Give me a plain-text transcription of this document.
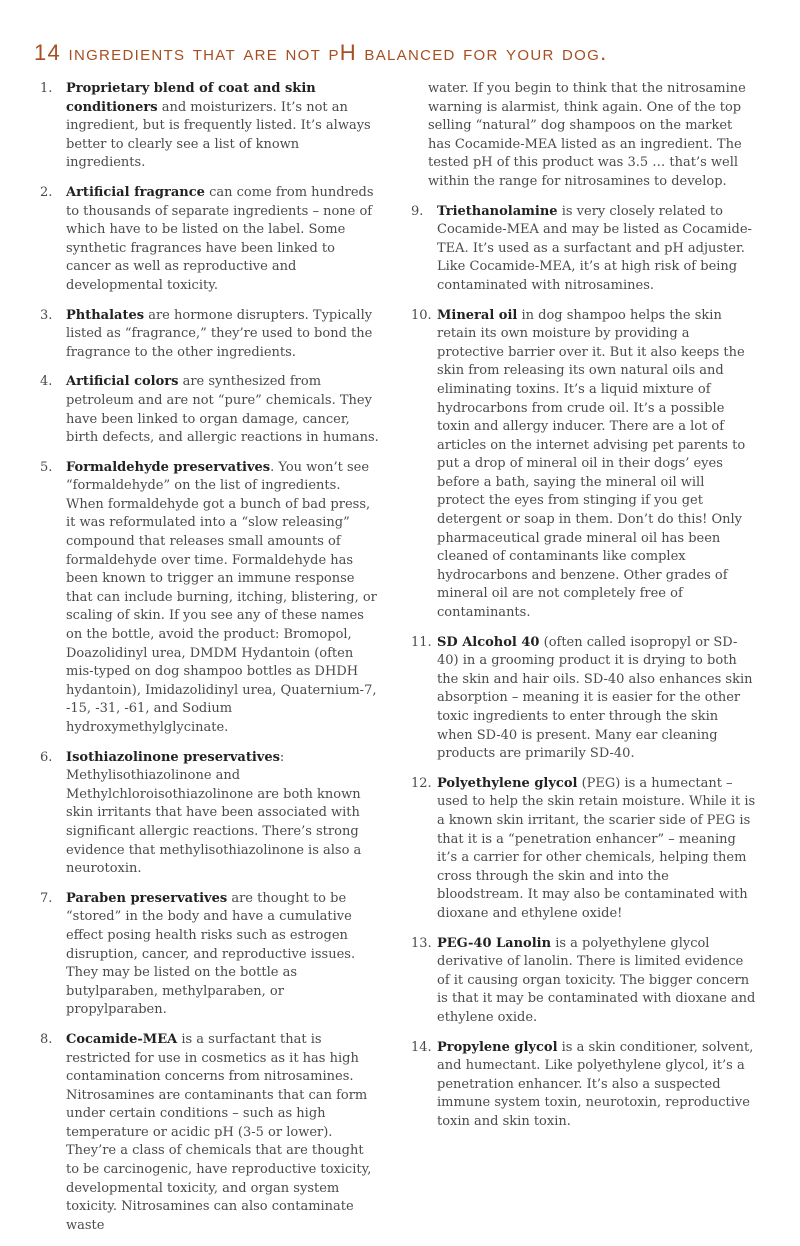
14 ingredients that are not pH balanced for your dog.
1. Proprietary blend of coat and skin conditioners and moisturizers. It’s not an ingredient, but is frequently listed. It’s always better to clearly see a list of known ingredients.
2. Artificial fragrance can come from hundreds to thousands of separate ingredients – none of which have to be listed on the label. Some synthetic fragrances have been linked to cancer as well as reproductive and developmental toxicity.
3. Phthalates are hormone disrupters. Typically listed as “fragrance,” they’re used to bond the fragrance to the other ingredients.
4. Artificial colors are synthesized from petroleum and are not “pure” chemicals. They have been linked to organ damage, cancer, birth defects, and allergic reactions in humans.
5. Formaldehyde preservatives. You won’t see “formaldehyde” on the list of ingredients. When formaldehyde got a bunch of bad press, it was reformulated into a “slow releasing” compound that releases small amounts of formaldehyde over time. Formaldehyde has been known to trigger an immune response that can include burning, itching, blistering, or scaling of skin. If you see any of these names on the bottle, avoid the product: Bromopol, Doazolidinyl urea, DMDM Hydantoin (often mis-typed on dog shampoo bottles as DHDH hydantoin), Imidazolidinyl urea, Quaternium-7, -15, -31, -61, and Sodium hydroxymethylglycinate.
6. Isothiazolinone preservatives: Methylisothiazolinone and Methylchloroisothiazolinone are both known skin irritants that have been associated with significant allergic reactions. There’s strong evidence that methylisothiazolinone is also a neurotoxin.
7. Paraben preservatives are thought to be “stored” in the body and have a cumulative effect posing health risks such as estrogen disruption, cancer, and reproductive issues. They may be listed on the bottle as butylparaben, methylparaben, or propylparaben.
8. Cocamide-MEA is a surfactant that is restricted for use in cosmetics as it has high contamination concerns from nitrosamines. Nitrosamines are contaminants that can form under certain conditions – such as high temperature or acidic pH (3-5 or lower). They’re a class of chemicals that are thought to be carcinogenic, have reproductive toxicity, developmental toxicity, and organ system toxicity. Nitrosamines can also contaminate waste
water. If you begin to think that the nitrosamine warning is alarmist, think again. One of the top selling “natural” dog shampoos on the market has Cocamide-MEA listed as an ingredient. The tested pH of this product was 3.5 … that’s well within the range for nitrosamines to develop.
9. Triethanolamine is very closely related to Cocamide-MEA and may be listed as Cocamide-TEA. It’s used as a surfactant and pH adjuster. Like Cocamide-MEA, it’s at high risk of being contaminated with nitrosamines.
10. Mineral oil in dog shampoo helps the skin retain its own moisture by providing a protective barrier over it. But it also keeps the skin from releasing its own natural oils and eliminating toxins. It’s a liquid mixture of hydrocarbons from crude oil. It’s a possible toxin and allergy inducer. There are a lot of articles on the internet advising pet parents to put a drop of mineral oil in their dogs’ eyes before a bath, saying the mineral oil will protect the eyes from stinging if you get detergent or soap in them. Don’t do this! Only pharmaceutical grade mineral oil has been cleaned of contaminants like complex hydrocarbons and benzene. Other grades of mineral oil are not completely free of contaminants.
11. SD Alcohol 40 (often called isopropyl or SD-40) in a grooming product it is drying to both the skin and hair oils. SD-40 also enhances skin absorption – meaning it is easier for the other toxic ingredients to enter through the skin when SD-40 is present. Many ear cleaning products are primarily SD-40.
12. Polyethylene glycol (PEG) is a humectant – used to help the skin retain moisture. While it is a known skin irritant, the scarier side of PEG is that it is a “penetration enhancer” – meaning it’s a carrier for other chemicals, helping them cross through the skin and into the bloodstream. It may also be contaminated with dioxane and ethylene oxide!
13. PEG-40 Lanolin is a polyethylene glycol derivative of lanolin. There is limited evidence of it causing organ toxicity. The bigger concern is that it may be contaminated with dioxane and ethylene oxide.
14. Propylene glycol is a skin conditioner, solvent, and humectant. Like polyethylene glycol, it’s a penetration enhancer. It’s also a suspected immune system toxin, neurotoxin, reproductive toxin and skin toxin.
